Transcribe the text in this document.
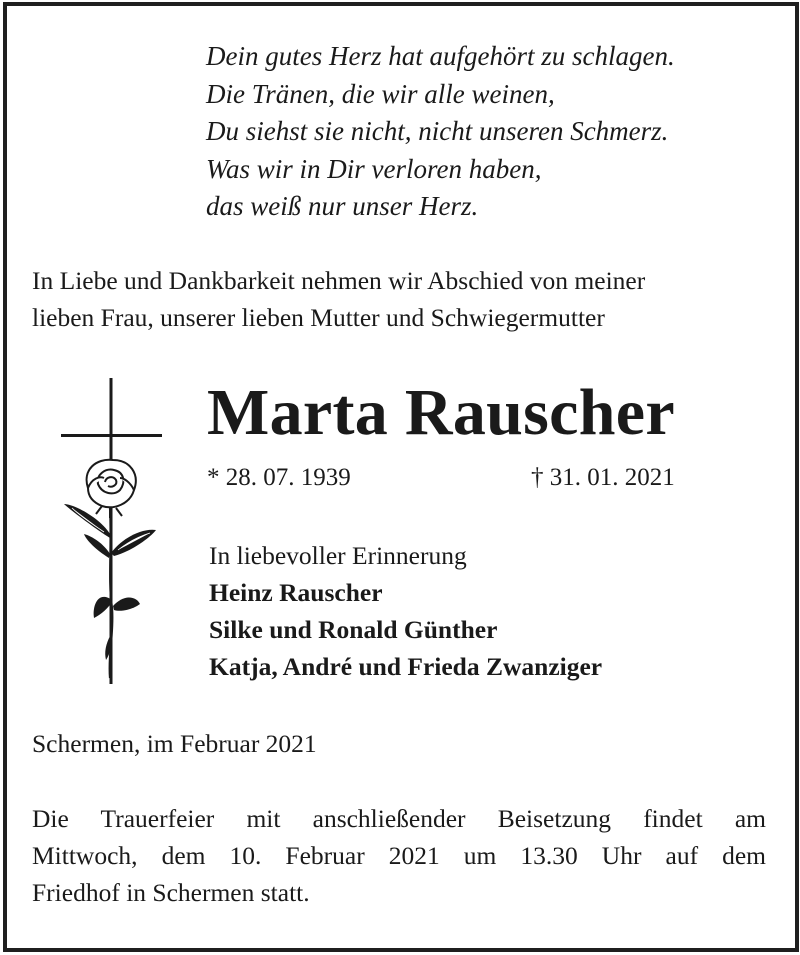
Dein gutes Herz hat aufgehört zu schlagen.
Die Tränen, die wir alle weinen,
Du siehst sie nicht, nicht unseren Schmerz.
Was wir in Dir verloren haben,
das weiß nur unser Herz.
In Liebe und Dankbarkeit nehmen wir Abschied von meiner
lieben Frau, unserer lieben Mutter und Schwiegermutter
Marta Rauscher
* 28. 07. 1939	† 31. 01. 2021
In liebevoller Erinnerung
Heinz Rauscher
Silke und Ronald Günther
Katja, André und Frieda Zwanziger
Schermen, im Februar 2021
Die Trauerfeier mit anschließender Beisetzung findet am
Mittwoch, dem 10. Februar 2021 um 13.30 Uhr auf dem
Friedhof in Schermen statt.
